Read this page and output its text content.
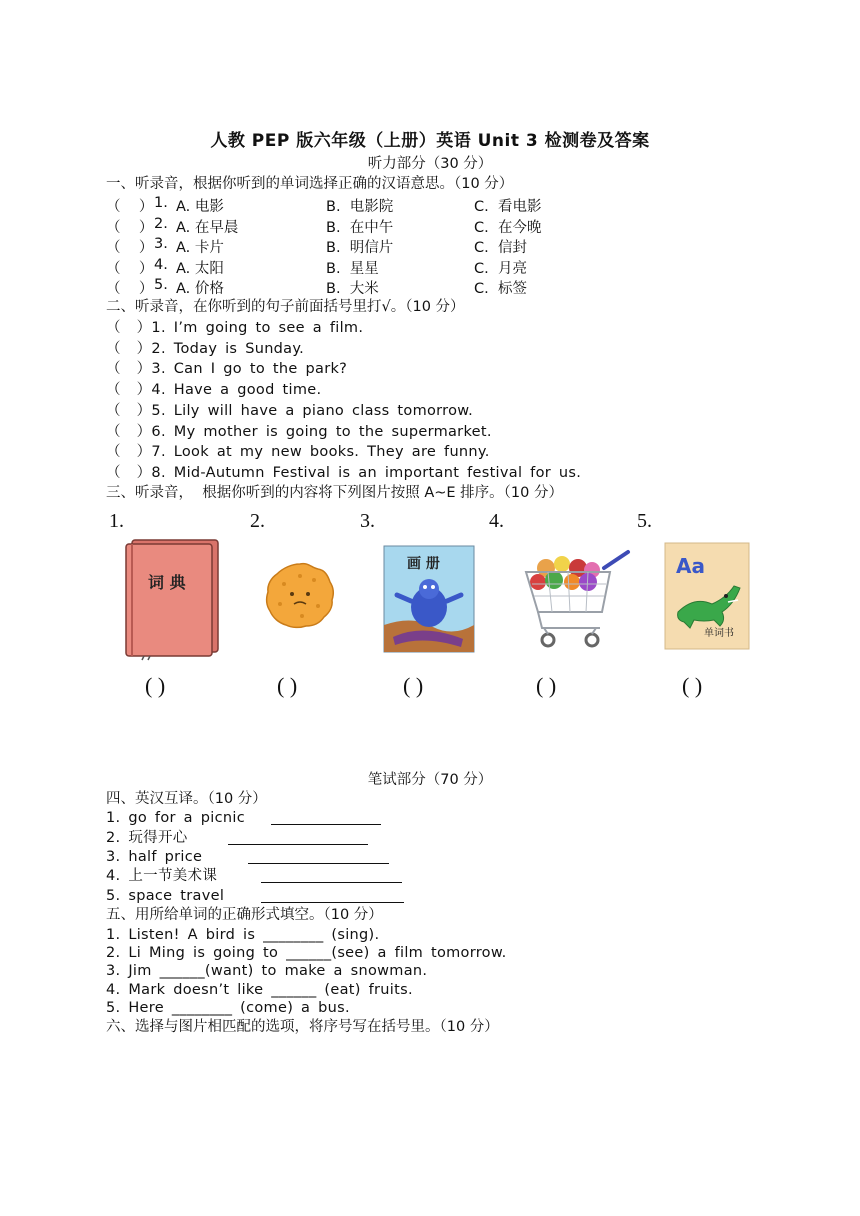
人教 PEP 版六年级（上册）英语 Unit 3 检测卷及答案
听力部分（30 分）
一、听录音，根据你听到的单词选择正确的汉语意思。（10 分）
（    ） 1. A. 电影	B.  电影院	C.  看电影
（    ） 2. A. 在早晨	B.  在中午	C.  在今晚
（    ） 3. A. 卡片	B.  明信片	C.  信封
（    ） 4. A. 太阳	B.  星星	C.  月亮
（    ） 5. A. 价格	B.  大米	C.  标签
二、听录音，在你听到的句子前面括号里打√。（10 分）
（  ）1. I’m going to see a film.
（  ）2. Today is Sunday.
（  ）3. Can I go to the park?
（  ）4. Have a good time.
（  ）5. Lily will have a piano class tomorrow.
（  ）6. My mother is going to the supermarket.
（  ）7. Look at my new books. They are funny.
（  ）8. Mid-Autumn Festival is an important festival for us.
三、听录音，  根据你听到的内容将下列图片按照 A~E 排序。（10 分）
1.	2.	3.	4.	5.
词 典
画 册	Aa
单词书
( )	( )	( )	( )	( )
笔试部分（70 分）
四、英汉互译。（10 分）
1. go for a picnic
2. 玩得开心
3. half price
4. 上一节美术课
5. space travel
五、用所给单词的正确形式填空。（10 分）
1. Listen! A bird is ________ (sing).
2. Li Ming is going to ______(see) a film tomorrow.
3. Jim ______(want) to make a snowman.
4. Mark doesn’t like ______ (eat) fruits.
5. Here ________ (come) a bus.
六、选择与图片相匹配的选项，将序号写在括号里。（10 分）
